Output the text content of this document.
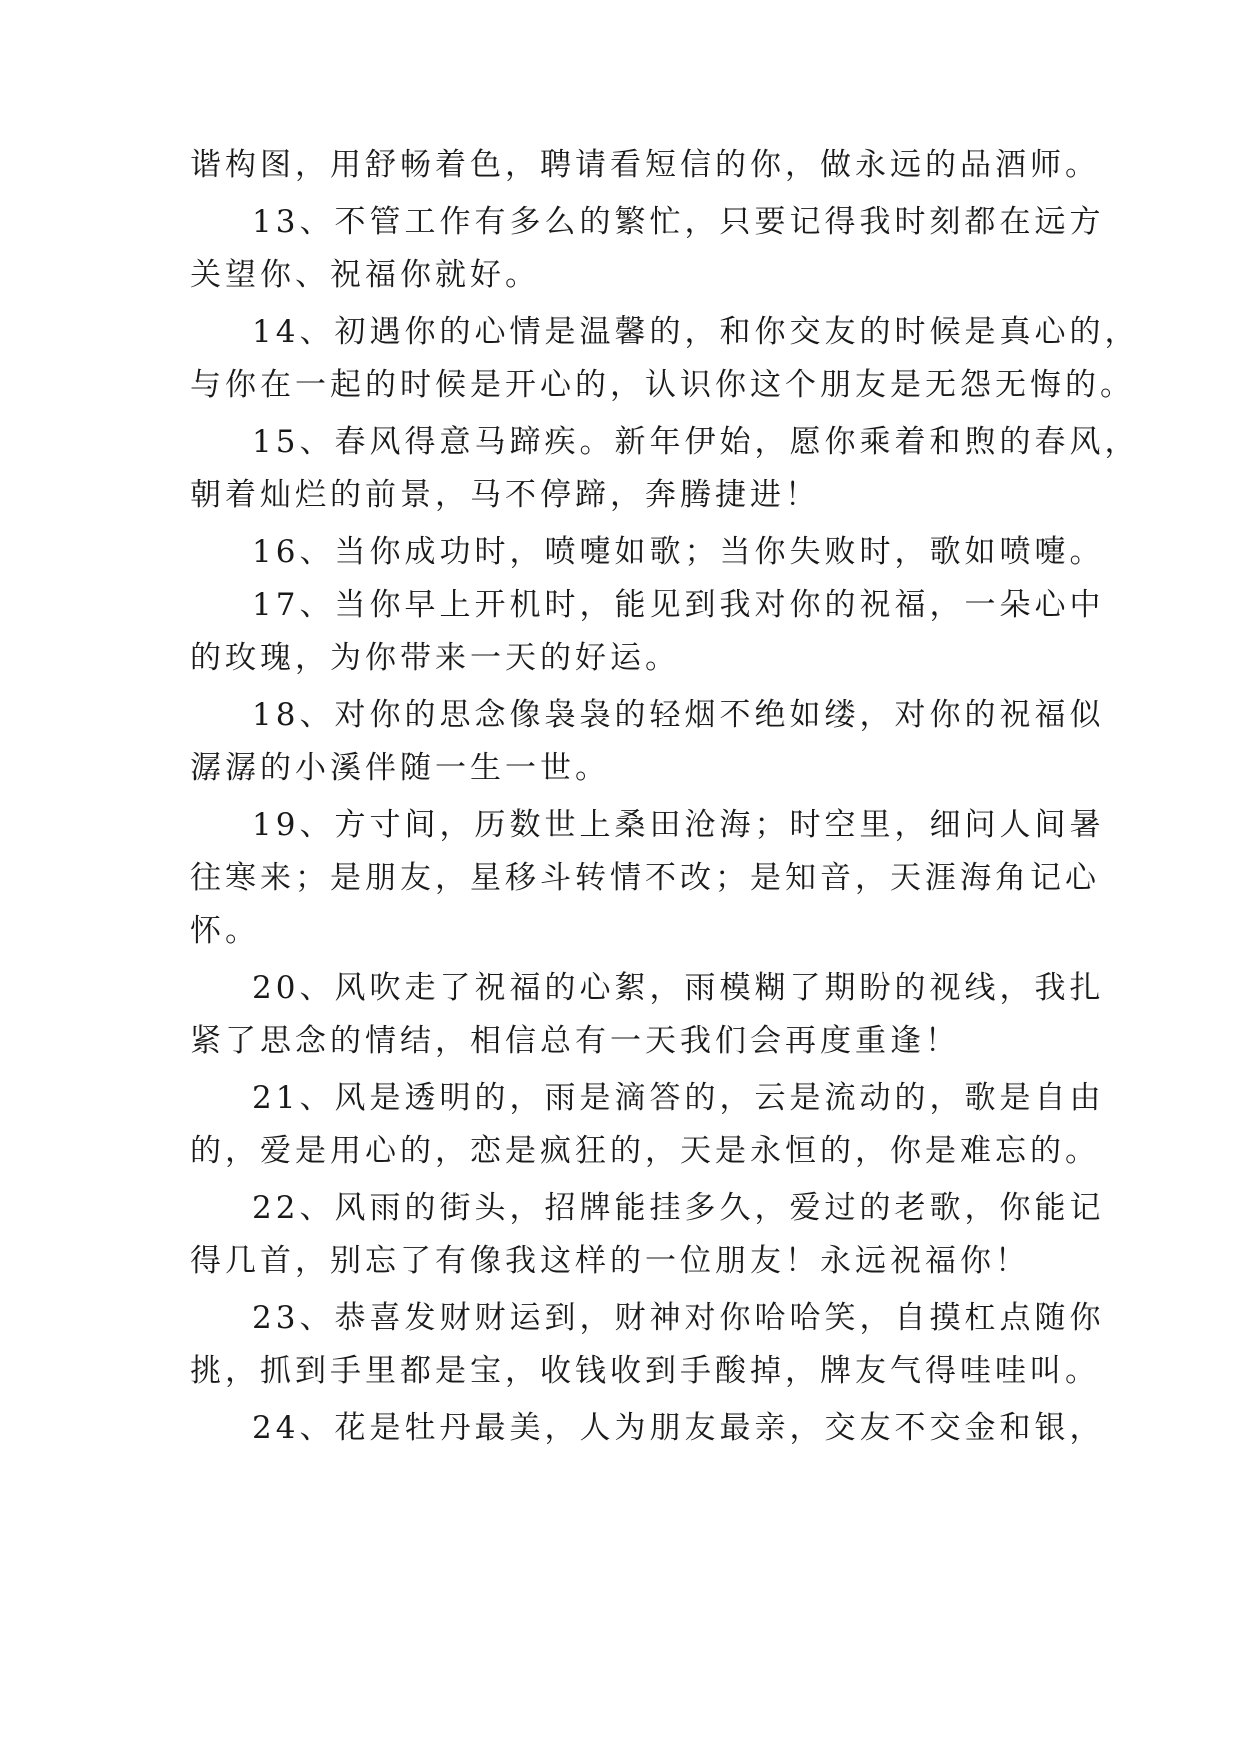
谐构图，用舒畅着色，聘请看短信的你，做永远的品酒师。
13、不管工作有多么的繁忙，只要记得我时刻都在远方
关望你、祝福你就好。
14、初遇你的心情是温馨的，和你交友的时候是真心的，
与你在一起的时候是开心的，认识你这个朋友是无怨无悔的。
15、春风得意马蹄疾。新年伊始，愿你乘着和煦的春风，
朝着灿烂的前景，马不停蹄，奔腾捷进！
16、当你成功时，喷嚏如歌；当你失败时，歌如喷嚏。
17、当你早上开机时，能见到我对你的祝福，一朵心中
的玫瑰，为你带来一天的好运。
18、对你的思念像袅袅的轻烟不绝如缕，对你的祝福似
潺潺的小溪伴随一生一世。
19、方寸间，历数世上桑田沧海；时空里，细问人间暑
往寒来；是朋友，星移斗转情不改；是知音，天涯海角记心
怀。
20、风吹走了祝福的心絮，雨模糊了期盼的视线，我扎
紧了思念的情结，相信总有一天我们会再度重逢！
21、风是透明的，雨是滴答的，云是流动的，歌是自由
的，爱是用心的，恋是疯狂的，天是永恒的，你是难忘的。
22、风雨的街头，招牌能挂多久，爱过的老歌，你能记
得几首，别忘了有像我这样的一位朋友！永远祝福你！
23、恭喜发财财运到，财神对你哈哈笑，自摸杠点随你
挑，抓到手里都是宝，收钱收到手酸掉，牌友气得哇哇叫。
24、花是牡丹最美，人为朋友最亲，交友不交金和银，
